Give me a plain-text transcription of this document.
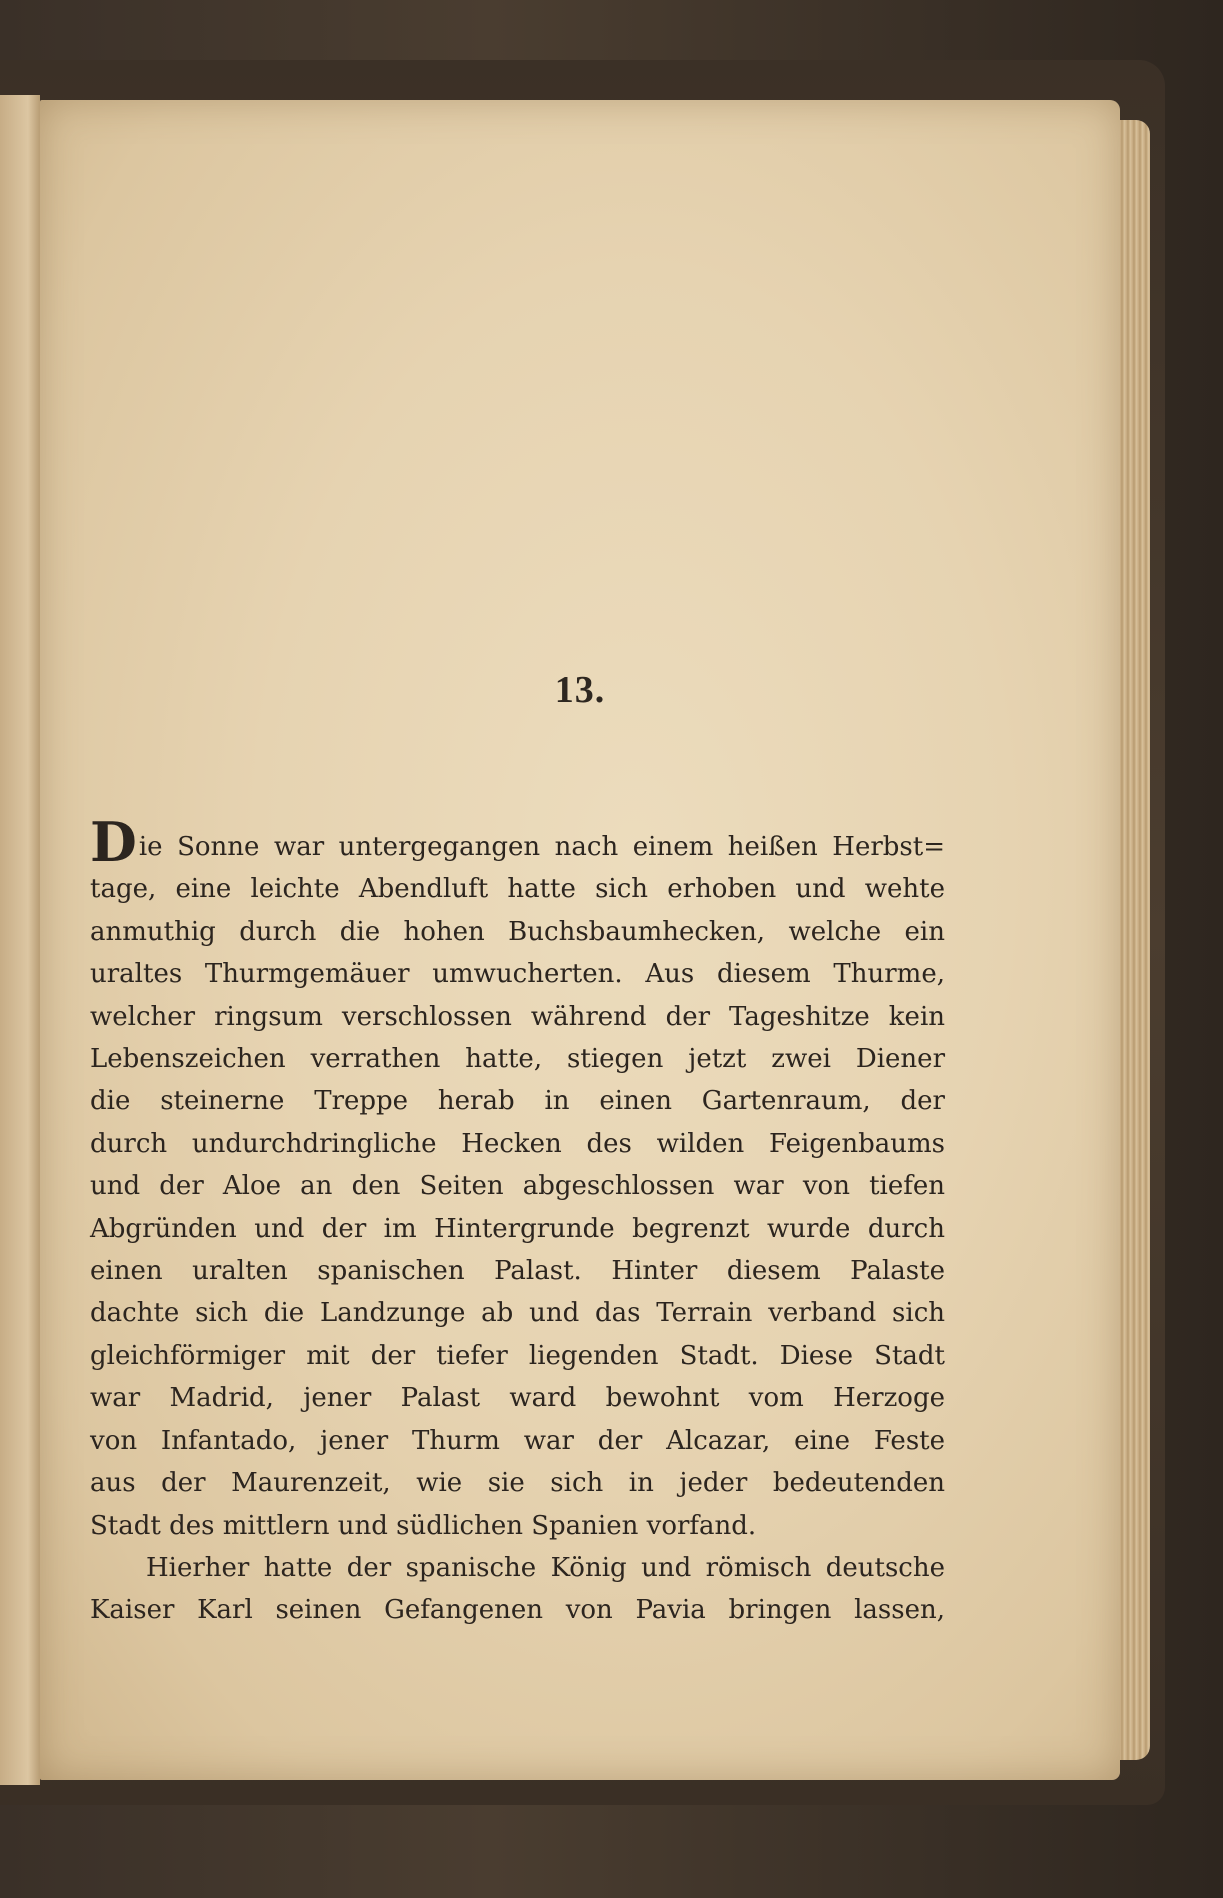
13.

Die Sonne war untergegangen nach einem heißen Herbst=

tage, eine leichte Abendluft hatte sich erhoben und wehte

anmuthig durch die hohen Buchsbaumhecken, welche ein

uraltes Thurmgemäuer umwucherten. Aus diesem Thurme,

welcher ringsum verschlossen während der Tageshitze kein

Lebenszeichen verrathen hatte, stiegen jetzt zwei Diener

die steinerne Treppe herab in einen Gartenraum, der

durch undurchdringliche Hecken des wilden Feigenbaums

und der Aloe an den Seiten abgeschlossen war von tiefen

Abgründen und der im Hintergrunde begrenzt wurde durch

einen uralten spanischen Palast. Hinter diesem Palaste

dachte sich die Landzunge ab und das Terrain verband sich

gleichförmiger mit der tiefer liegenden Stadt. Diese Stadt

war Madrid, jener Palast ward bewohnt vom Herzoge

von Infantado, jener Thurm war der Alcazar, eine Feste

aus der Maurenzeit, wie sie sich in jeder bedeutenden

Stadt des mittlern und südlichen Spanien vorfand.

Hierher hatte der spanische König und römisch deutsche

Kaiser Karl seinen Gefangenen von Pavia bringen lassen,
